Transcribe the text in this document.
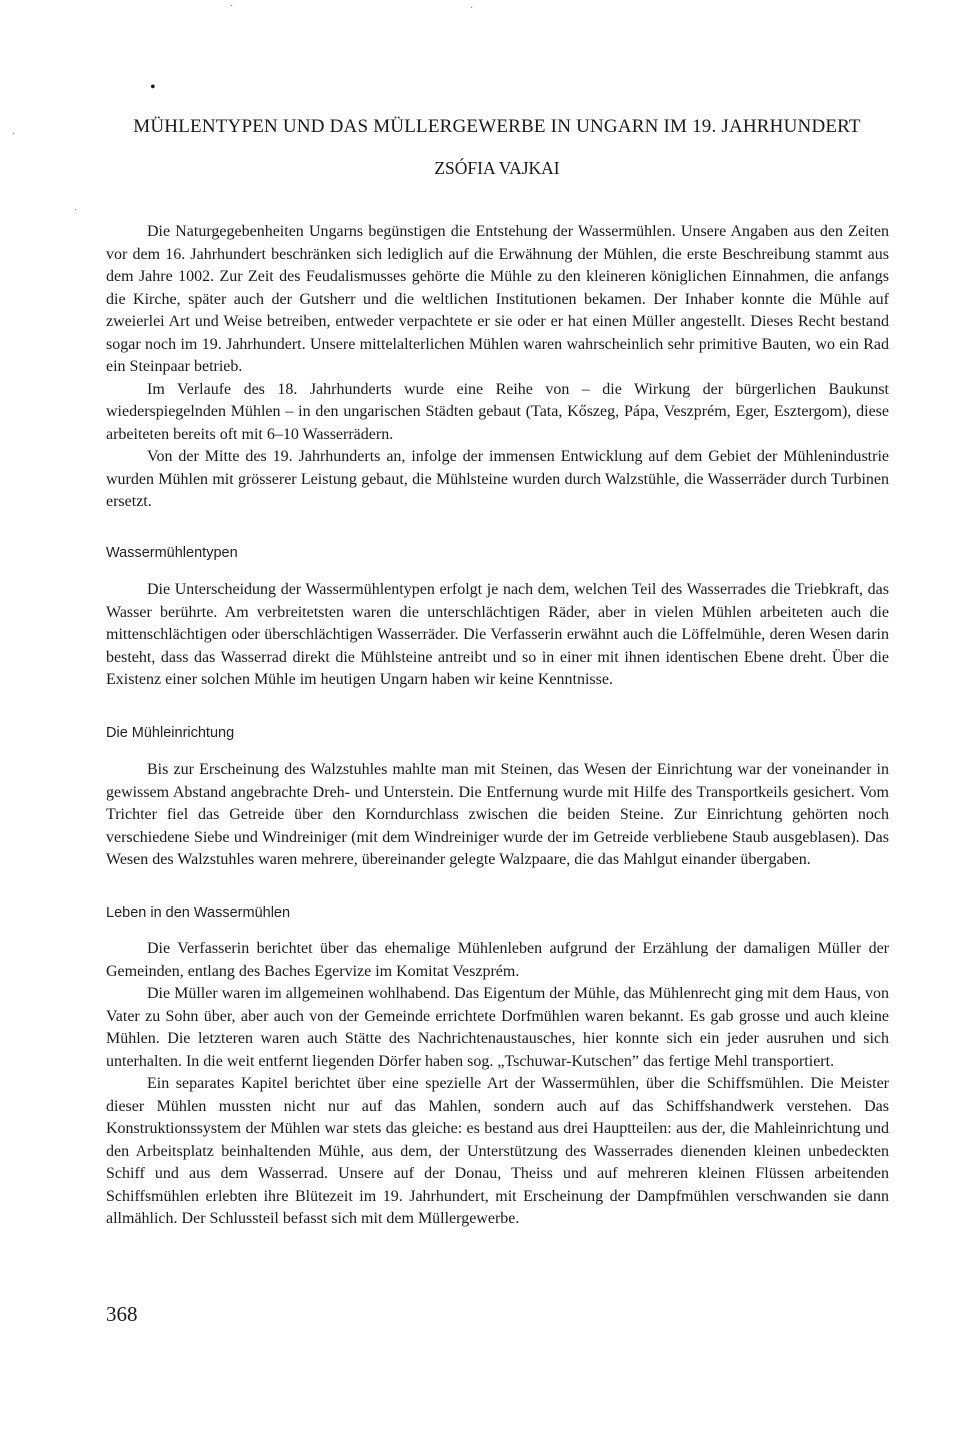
•
·	·
·
·
MÜHLENTYPEN UND DAS MÜLLERGEWERBE IN UNGARN IM 19. JAHRHUNDERT
ZSÓFIA VAJKAI

Die Naturgegebenheiten Ungarns begünstigen die Entstehung der Wassermühlen. Unsere Angaben aus den Zeiten vor dem 16. Jahrhundert beschränken sich lediglich auf die Erwähnung der Mühlen, die erste Beschreibung stammt aus dem Jahre 1002. Zur Zeit des Feudalismusses gehörte die Mühle zu den kleineren königlichen Einnahmen, die anfangs die Kirche, später auch der Gutsherr und die weltlichen Institutionen bekamen. Der Inhaber konnte die Mühle auf zweierlei Art und Weise betreiben, entweder verpachtete er sie oder er hat einen Müller angestellt. Dieses Recht bestand sogar noch im 19. Jahrhundert. Unsere mittelalterlichen Mühlen waren wahrscheinlich sehr primitive Bauten, wo ein Rad ein Steinpaar betrieb.

Im Verlaufe des 18. Jahrhunderts wurde eine Reihe von – die Wirkung der bürgerlichen Baukunst wiederspiegelnden Mühlen – in den ungarischen Städten gebaut (Tata, Kőszeg, Pápa, Veszprém, Eger, Esztergom), diese arbeiteten bereits oft mit 6–10 Wasserrädern.

Von der Mitte des 19. Jahrhunderts an, infolge der immensen Entwicklung auf dem Gebiet der Mühlenindustrie wurden Mühlen mit grösserer Leistung gebaut, die Mühlsteine wurden durch Walzstühle, die Wasserräder durch Turbinen ersetzt.

Wassermühlentypen

Die Unterscheidung der Wassermühlentypen erfolgt je nach dem, welchen Teil des Wasserrades die Triebkraft, das Wasser berührte. Am verbreitetsten waren die unterschlächtigen Räder, aber in vielen Mühlen arbeiteten auch die mittenschlächtigen oder überschlächtigen Wasserräder. Die Verfasserin erwähnt auch die Löffelmühle, deren Wesen darin besteht, dass das Wasserrad direkt die Mühlsteine antreibt und so in einer mit ihnen identischen Ebene dreht. Über die Existenz einer solchen Mühle im heutigen Ungarn haben wir keine Kenntnisse.

Die Mühleinrichtung

Bis zur Erscheinung des Walzstuhles mahlte man mit Steinen, das Wesen der Einrichtung war der voneinander in gewissem Abstand angebrachte Dreh- und Unterstein. Die Entfernung wurde mit Hilfe des Transportkeils gesichert. Vom Trichter fiel das Getreide über den Korndurchlass zwischen die beiden Steine. Zur Einrichtung gehörten noch verschiedene Siebe und Windreiniger (mit dem Windreiniger wurde der im Getreide verbliebene Staub ausgeblasen). Das Wesen des Walzstuhles waren mehrere, übereinander gelegte Walzpaare, die das Mahlgut einander übergaben.

Leben in den Wassermühlen

Die Verfasserin berichtet über das ehemalige Mühlenleben aufgrund der Erzählung der damaligen Müller der Gemeinden, entlang des Baches Egervize im Komitat Veszprém.

Die Müller waren im allgemeinen wohlhabend. Das Eigentum der Mühle, das Mühlenrecht ging mit dem Haus, von Vater zu Sohn über, aber auch von der Gemeinde errichtete Dorfmühlen waren bekannt. Es gab grosse und auch kleine Mühlen. Die letzteren waren auch Stätte des Nachrichtenaustausches, hier konnte sich ein jeder ausruhen und sich unterhalten. In die weit entfernt liegenden Dörfer haben sog. „Tschuwar-Kutschen” das fertige Mehl transportiert.

Ein separates Kapitel berichtet über eine spezielle Art der Wassermühlen, über die Schiffsmühlen. Die Meister dieser Mühlen mussten nicht nur auf das Mahlen, sondern auch auf das Schiffshandwerk verstehen. Das Konstruktionssystem der Mühlen war stets das gleiche: es bestand aus drei Hauptteilen: aus der, die Mahleinrichtung und den Arbeitsplatz beinhaltenden Mühle, aus dem, der Unterstützung des Wasserrades dienenden kleinen unbedeckten Schiff und aus dem Wasserrad. Unsere auf der Donau, Theiss und auf mehreren kleinen Flüssen arbeitenden Schiffsmühlen erlebten ihre Blütezeit im 19. Jahrhundert, mit Erscheinung der Dampfmühlen verschwanden sie dann allmählich. Der Schlussteil befasst sich mit dem Müllergewerbe.

368
